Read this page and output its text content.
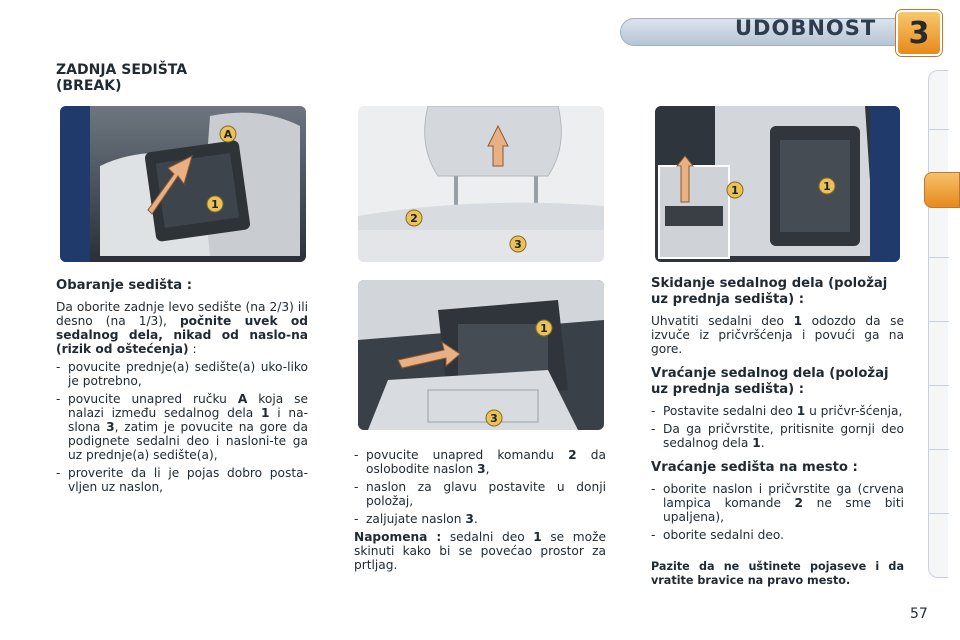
UDOBNOST	3
ZADNJA SEDIŠTA
(BREAK)
A
1
2
3
1	1
1
3
Obaranje sedišta :

Da oborite zadnje levo sedište (na 2/3) ili desno (na 1/3), počnite uvek od sedalnog dela, nikad od naslo-na (rizik od oštećenja) :

- povucite prednje(a) sedište(a) uko-liko je potrebno,
- povucite unapred ručku A koja se nalazi između sedalnog dela 1 i na-slona 3, zatim je povucite na gore da podignete sedalni deo i nasloni-te ga uz prednje(a) sedište(a),
- proverite da li je pojas dobro posta-vljen uz naslon,
- povucite unapred komandu 2 da oslobodite naslon 3,
- naslon za glavu postavite u donji položaj,
- zaljujate naslon 3.

Napomena : sedalni deo 1 se može skinuti kako bi se povećao prostor za prtljag.

Skidanje sedalnog dela (položaj uz prednja sedišta) :

Uhvatiti sedalni deo 1 odozdo da se izvuče iz pričvršćenja i povući ga na gore.

Vraćanje sedalnog dela (položaj uz prednja sedišta) :
- Postavite sedalni deo 1 u pričvr-šćenja,
- Da ga pričvrstite, pritisnite gornji deo sedalnog dela 1.
Vraćanje sedišta na mesto :
- oborite naslon i pričvrstite ga (crvena lampica komande 2 ne sme biti upaljena),
- oborite sedalni deo.

Pazite da ne uštinete pojaseve i da vratite bravice na pravo mesto.

57
